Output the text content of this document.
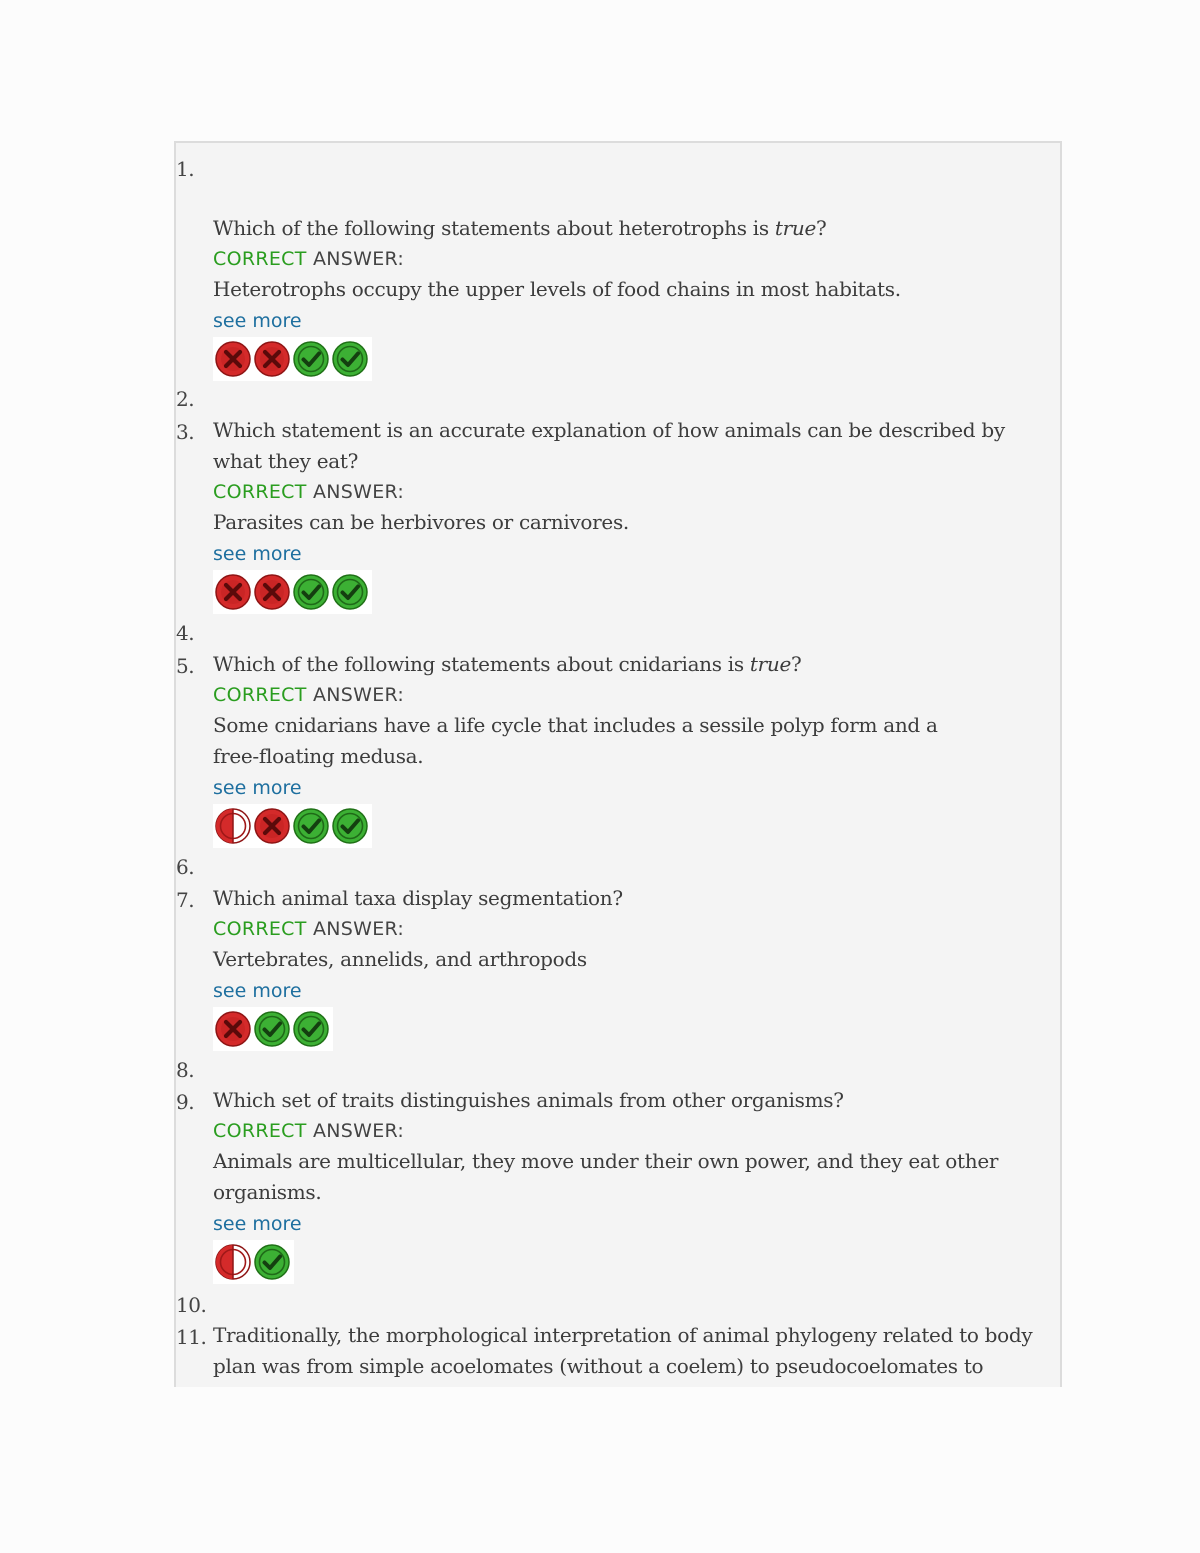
1.
Which of the following statements about heterotrophs is true?
CORRECT ANSWER:
Heterotrophs occupy the upper levels of food chains in most habitats.
see more
2.
3. Which statement is an accurate explanation of how animals can be described by what they eat?
CORRECT ANSWER:
Parasites can be herbivores or carnivores.
see more
4.
5. Which of the following statements about cnidarians is true?
CORRECT ANSWER:
Some cnidarians have a life cycle that includes a sessile polyp form and a free-floating medusa.
see more
6.
7. Which animal taxa display segmentation?
CORRECT ANSWER:
Vertebrates, annelids, and arthropods
see more
8.
9. Which set of traits distinguishes animals from other organisms?
CORRECT ANSWER:
Animals are multicellular, they move under their own power, and they eat other organisms.
see more
10.
11. Traditionally, the morphological interpretation of animal phylogeny related to body plan was from simple acoelomates (without a coelem) to pseudocoelomates to
